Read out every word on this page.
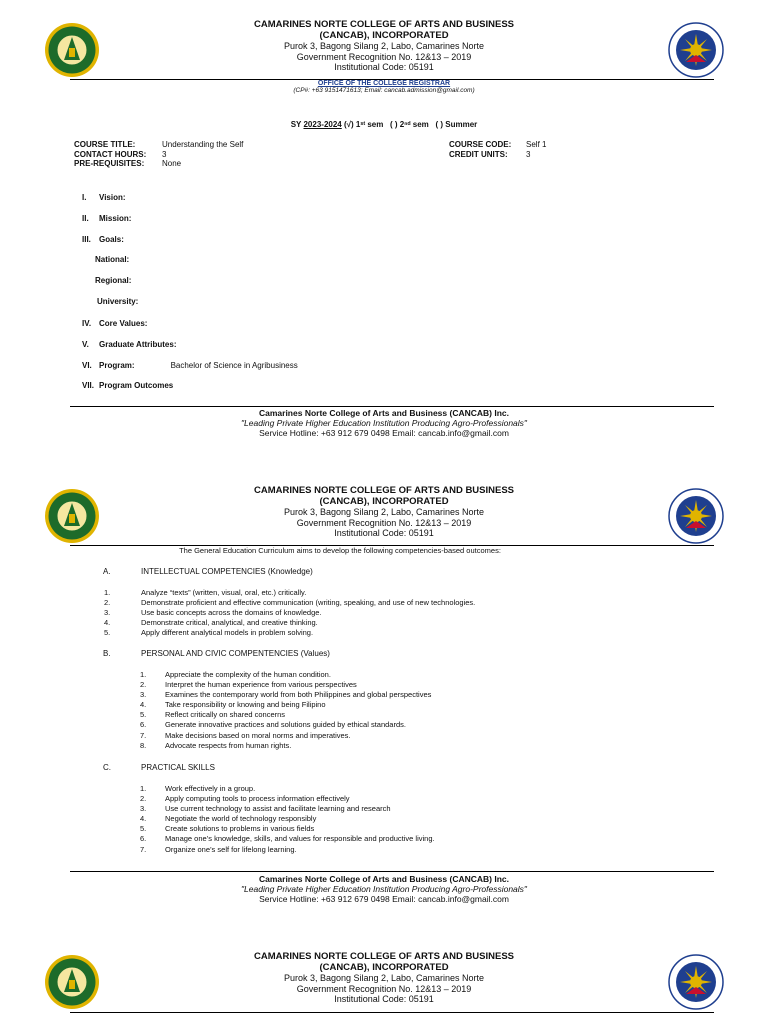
CAMARINES NORTE COLLEGE OF ARTS AND BUSINESS
(CANCAB), INCORPORATED
Purok 3, Bagong Silang 2, Labo, Camarines Norte
Government Recognition No. 12&13 – 2019
Institutional Code: 05191
OFFICE OF THE COLLEGE REGISTRAR
(CP#: +63 9151471613; Email: cancab.admission@gmail.com)
SY 2023-2024 (√) 1ˢᵗ sem ( ) 2ⁿᵈ sem ( ) Summer
COURSE TITLE:	Understanding the Self
CONTACT HOURS: 3
PRE-REQUISITES: None
COURSE CODE: Self 1
CREDIT UNITS: 3
I. Vision:
II. Mission:
III. Goals:
National:
Regional:
University:
IV. Core Values:
V. Graduate Attributes:
VI. Program:	Bachelor of Science in Agribusiness
VII. Program Outcomes
Camarines Norte College of Arts and Business (CANCAB) Inc.
"Leading Private Higher Education Institution Producing Agro-Professionals"
Service Hotline: +63 912 679 0498 Email: cancab.info@gmail.com
CAMARINES NORTE COLLEGE OF ARTS AND BUSINESS
(CANCAB), INCORPORATED
Purok 3, Bagong Silang 2, Labo, Camarines Norte
Government Recognition No. 12&13 – 2019
Institutional Code: 05191
The General Education Curriculum aims to develop the following competencies-based outcomes:
A.	INTELLECTUAL COMPETENCIES (Knowledge)
1.	Analyze “texts” (written, visual, oral, etc.) critically.
2.	Demonstrate proficient and effective communication (writing, speaking, and use of new technologies.
3.	Use basic concepts across the domains of knowledge.
4.	Demonstrate critical, analytical, and creative thinking.
5.	Apply different analytical models in problem solving.
B.	PERSONAL AND CIVIC COMPENTENCIES (Values)
1. Appreciate the complexity of the human condition.
2. Interpret the human experience from various perspectives
3. Examines the contemporary world from both Philippines and global perspectives
4. Take responsibility or knowing and being Filipino
5. Reflect critically on shared concerns
6. Generate innovative practices and solutions guided by ethical standards.
7. Make decisions based on moral norms and imperatives.
8. Advocate respects from human rights.
C.	PRACTICAL SKILLS
1. Work effectively in a group.
2. Apply computing tools to process information effectively
3. Use current technology to assist and facilitate learning and research
4. Negotiate the world of technology responsibly
5. Create solutions to problems in various fields
6. Manage one’s knowledge, skills, and values for responsible and productive living.
7. Organize one’s self for lifelong learning.
Camarines Norte College of Arts and Business (CANCAB) Inc.
"Leading Private Higher Education Institution Producing Agro-Professionals"
Service Hotline: +63 912 679 0498 Email: cancab.info@gmail.com
CAMARINES NORTE COLLEGE OF ARTS AND BUSINESS
(CANCAB), INCORPORATED
Purok 3, Bagong Silang 2, Labo, Camarines Norte
Government Recognition No. 12&13 – 2019
Institutional Code: 05191
